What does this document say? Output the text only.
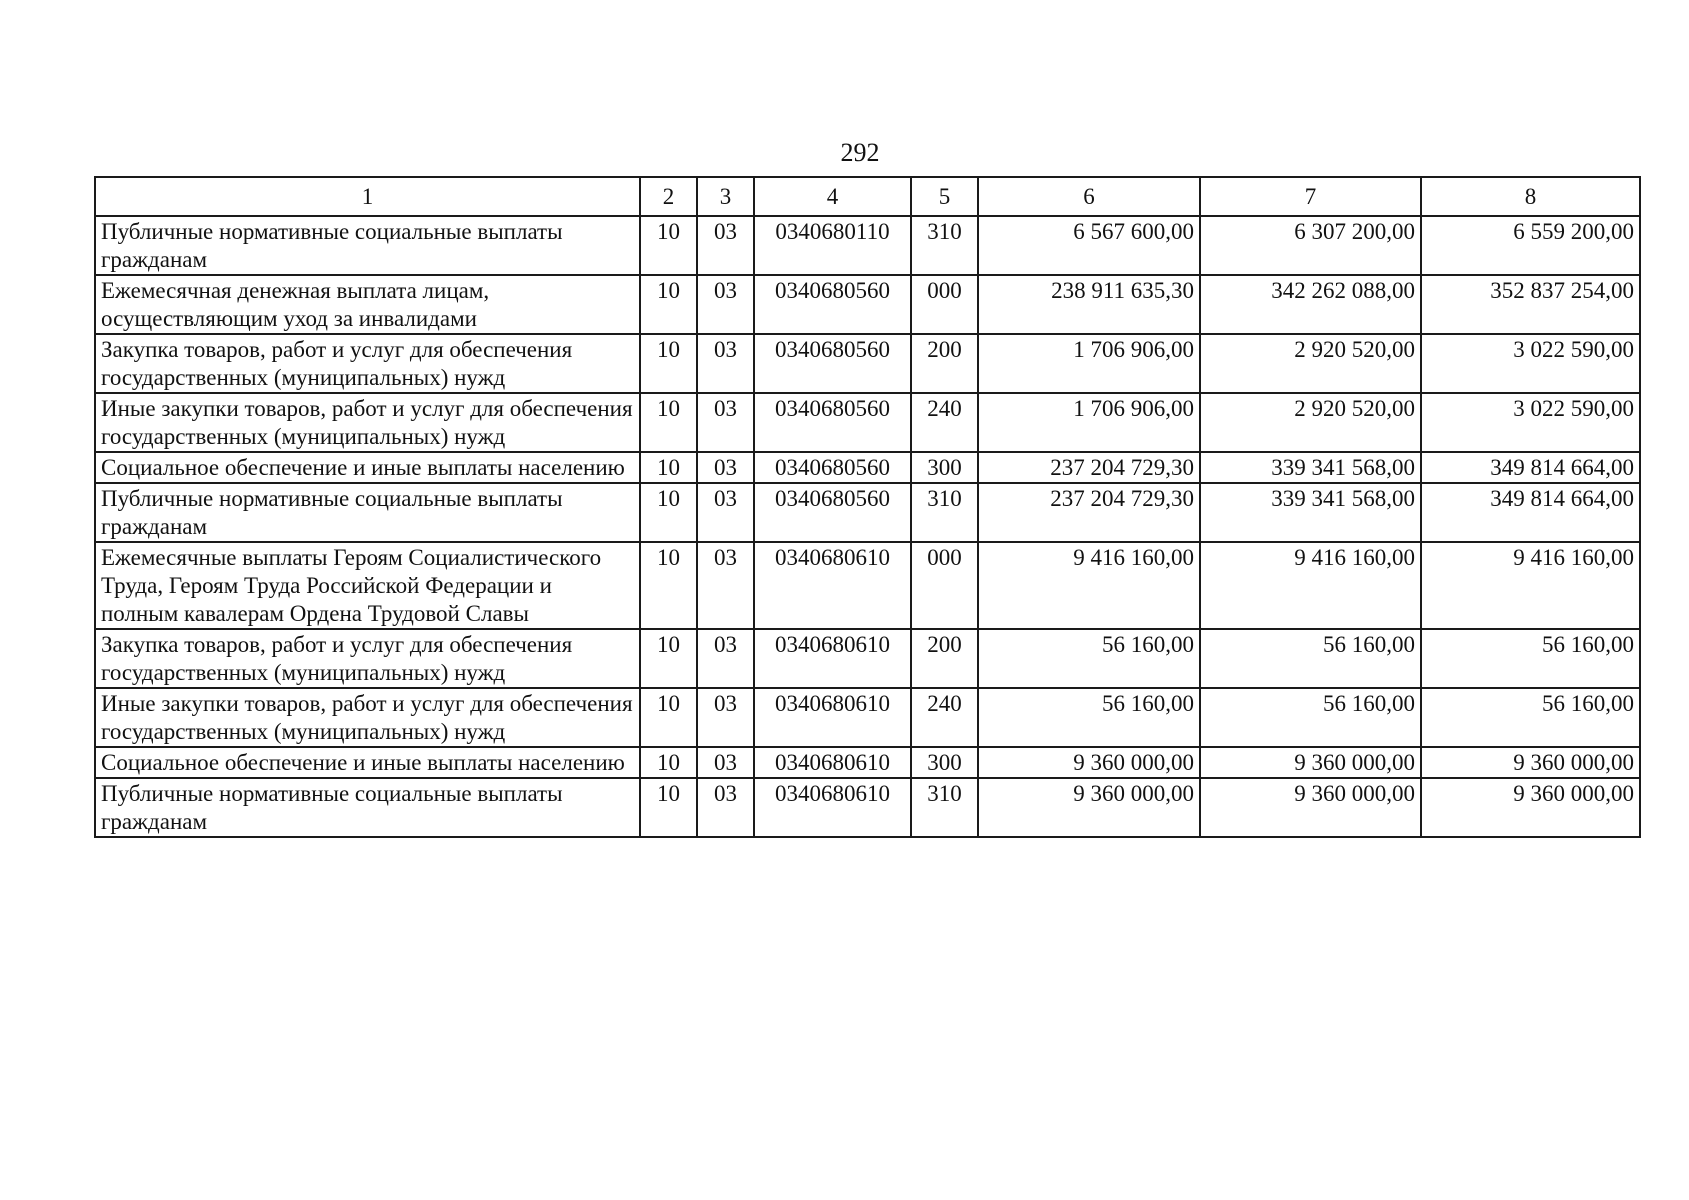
292
1	2	3	4	5	6	7	8
Публичные нормативные социальные выплаты гражданам	10	03	0340680110	310	6 567 600,00	6 307 200,00	6 559 200,00
Ежемесячная денежная выплата лицам, осуществляющим уход за инвалидами	10	03	0340680560	000	238 911 635,30	342 262 088,00	352 837 254,00
Закупка товаров, работ и услуг для обеспечения государственных (муниципальных) нужд	10	03	0340680560	200	1 706 906,00	2 920 520,00	3 022 590,00
Иные закупки товаров, работ и услуг для обеспечения государственных (муниципальных) нужд	10	03	0340680560	240	1 706 906,00	2 920 520,00	3 022 590,00
Социальное обеспечение и иные выплаты населению	10	03	0340680560	300	237 204 729,30	339 341 568,00	349 814 664,00
Публичные нормативные социальные выплаты гражданам	10	03	0340680560	310	237 204 729,30	339 341 568,00	349 814 664,00
Ежемесячные выплаты Героям Социалистического Труда, Героям Труда Российской Федерации и полным кавалерам Ордена Трудовой Славы	10	03	0340680610	000	9 416 160,00	9 416 160,00	9 416 160,00
Закупка товаров, работ и услуг для обеспечения государственных (муниципальных) нужд	10	03	0340680610	200	56 160,00	56 160,00	56 160,00
Иные закупки товаров, работ и услуг для обеспечения государственных (муниципальных) нужд	10	03	0340680610	240	56 160,00	56 160,00	56 160,00
Социальное обеспечение и иные выплаты населению	10	03	0340680610	300	9 360 000,00	9 360 000,00	9 360 000,00
Публичные нормативные социальные выплаты гражданам	10	03	0340680610	310	9 360 000,00	9 360 000,00	9 360 000,00
